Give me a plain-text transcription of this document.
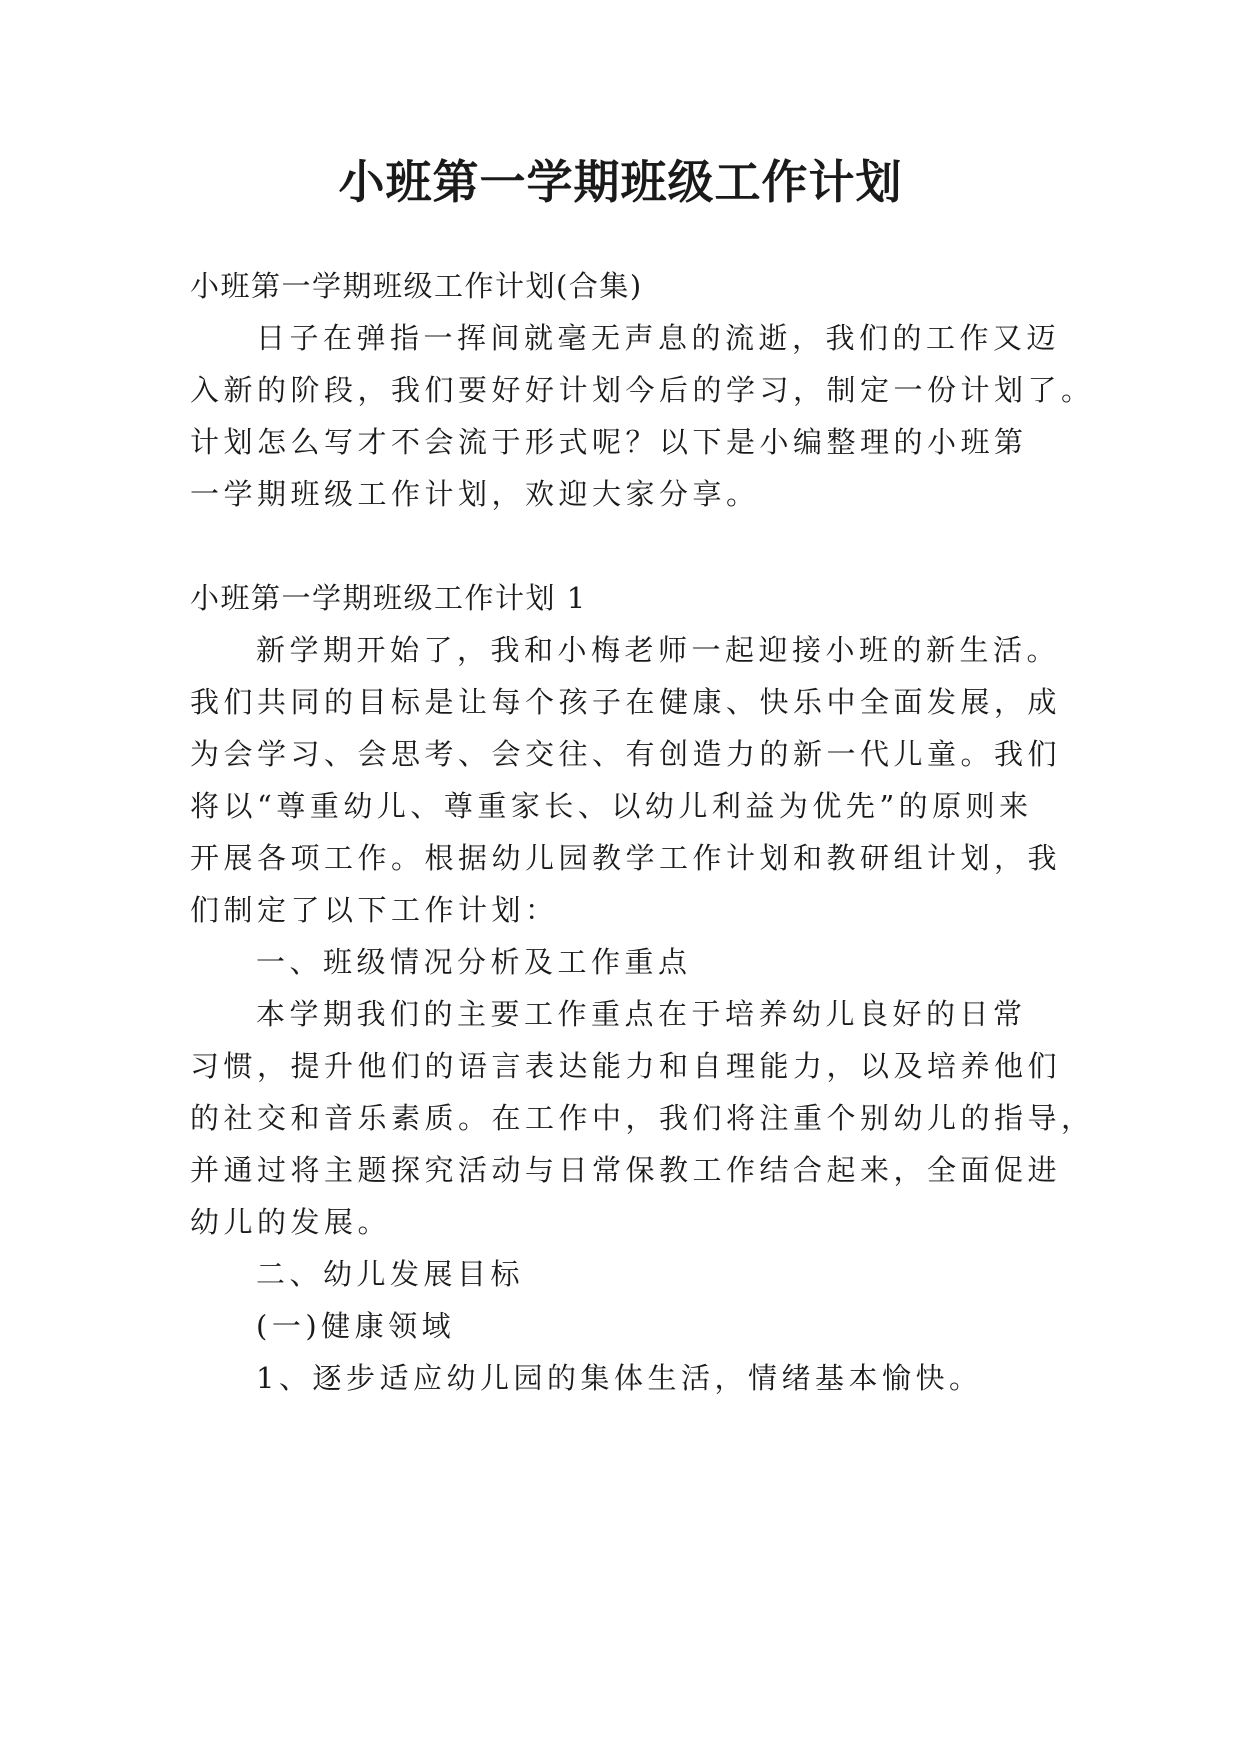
小班第一学期班级工作计划
小班第一学期班级工作计划(合集)
日子在弹指一挥间就毫无声息的流逝，我们的工作又迈
入新的阶段，我们要好好计划今后的学习，制定一份计划了。
计划怎么写才不会流于形式呢？以下是小编整理的小班第
一学期班级工作计划，欢迎大家分享。
小班第一学期班级工作计划 1
新学期开始了，我和小梅老师一起迎接小班的新生活。
我们共同的目标是让每个孩子在健康、快乐中全面发展，成
为会学习、会思考、会交往、有创造力的新一代儿童。我们
将以“尊重幼儿、尊重家长、以幼儿利益为优先”的原则来
开展各项工作。根据幼儿园教学工作计划和教研组计划，我
们制定了以下工作计划：
一、班级情况分析及工作重点
本学期我们的主要工作重点在于培养幼儿良好的日常
习惯，提升他们的语言表达能力和自理能力，以及培养他们
的社交和音乐素质。在工作中，我们将注重个别幼儿的指导，
并通过将主题探究活动与日常保教工作结合起来，全面促进
幼儿的发展。
二、幼儿发展目标
(一)健康领域
1、逐步适应幼儿园的集体生活，情绪基本愉快。
